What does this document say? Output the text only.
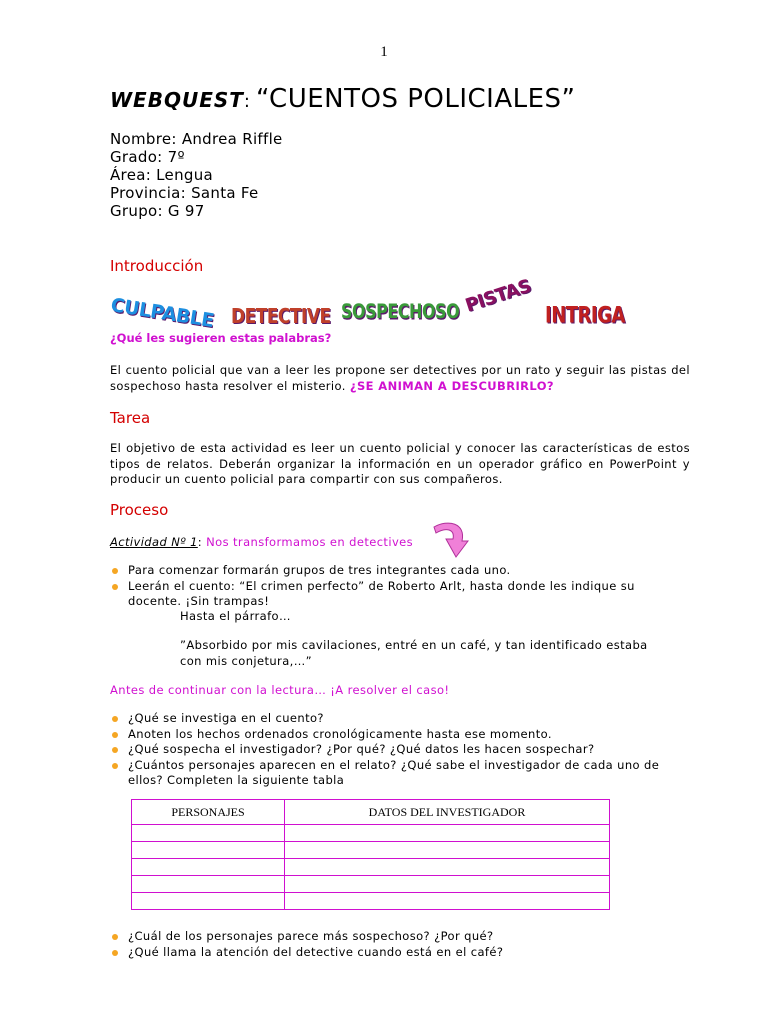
1
WEBQUEST: “CUENTOS POLICIALES”
Nombre: Andrea Riffle
Grado: 7º
Área: Lengua
Provincia: Santa Fe
Grupo: G 97
Introducción
CULPABLE DETECTIVE SOSPECHOSO PISTAS INTRIGA
¿Qué les sugieren estas palabras?
El cuento policial que van a leer les propone ser detectives por un rato y seguir las pistas del sospechoso hasta resolver el misterio. ¿SE ANIMAN A DESCUBRIRLO?
Tarea
El objetivo de esta actividad es leer un cuento policial y conocer las características de estos tipos de relatos. Deberán organizar la información en un operador gráfico en PowerPoint y producir un cuento policial para compartir con sus compañeros.
Proceso
Actividad Nº 1: Nos transformamos en detectives
Para comenzar formarán grupos de tres integrantes cada uno.
Leerán el cuento: “El crimen perfecto” de Roberto Arlt, hasta donde les indique su docente. ¡Sin trampas!
Hasta el párrafo…
”Absorbido por mis cavilaciones, entré en un café, y tan identificado estaba con mis conjetura,…”
Antes de continuar con la lectura… ¡A resolver el caso!
¿Qué se investiga en el cuento?
Anoten los hechos ordenados cronológicamente hasta ese momento.
¿Qué sospecha el investigador? ¿Por qué? ¿Qué datos les hacen sospechar?
¿Cuántos personajes aparecen en el relato? ¿Qué sabe el investigador de cada uno de ellos? Completen la siguiente tabla
PERSONAJES	DATOS DEL INVESTIGADOR

¿Cuál de los personajes parece más sospechoso? ¿Por qué?
¿Qué llama la atención del detective cuando está en el café?
